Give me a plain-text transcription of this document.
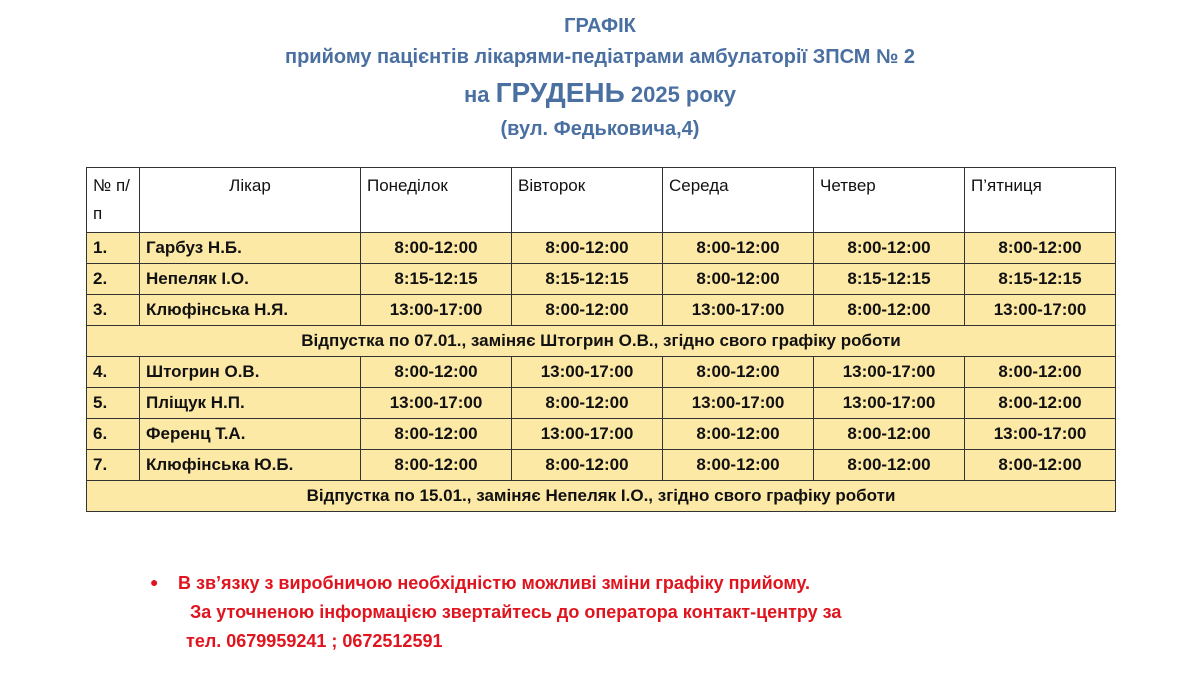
ГРАФІК
прийому пацієнтів лікарями-педіатрами амбулаторії ЗПСМ № 2
на ГРУДЕНЬ 2025 року
(вул. Федьковича,4)
№ п/п	Лікар	Понеділок	Вівторок	Середа	Четвер	П’ятниця
1.	Гарбуз Н.Б.	8:00-12:00	8:00-12:00	8:00-12:00	8:00-12:00	8:00-12:00
2.	Непеляк І.О.	8:15-12:15	8:15-12:15	8:00-12:00	8:15-12:15	8:15-12:15
3.	Клюфінська Н.Я.	13:00-17:00	8:00-12:00	13:00-17:00	8:00-12:00	13:00-17:00
Відпустка по 07.01., заміняє Штогрин О.В., згідно свого графіку роботи						
4.	Штогрин О.В.	8:00-12:00	13:00-17:00	8:00-12:00	13:00-17:00	8:00-12:00
5.	Пліщук Н.П.	13:00-17:00	8:00-12:00	13:00-17:00	13:00-17:00	8:00-12:00
6.	Ференц Т.А.	8:00-12:00	13:00-17:00	8:00-12:00	8:00-12:00	13:00-17:00
7.	Клюфінська Ю.Б.	8:00-12:00	8:00-12:00	8:00-12:00	8:00-12:00	8:00-12:00
Відпустка по 15.01., заміняє Непеляк І.О., згідно свого графіку роботи						
● В зв’язку з виробничою необхідністю можливі зміни графіку прийому.
За уточненою інформацією звертайтесь до оператора контакт-центру за
тел. 0679959241 ; 0672512591
